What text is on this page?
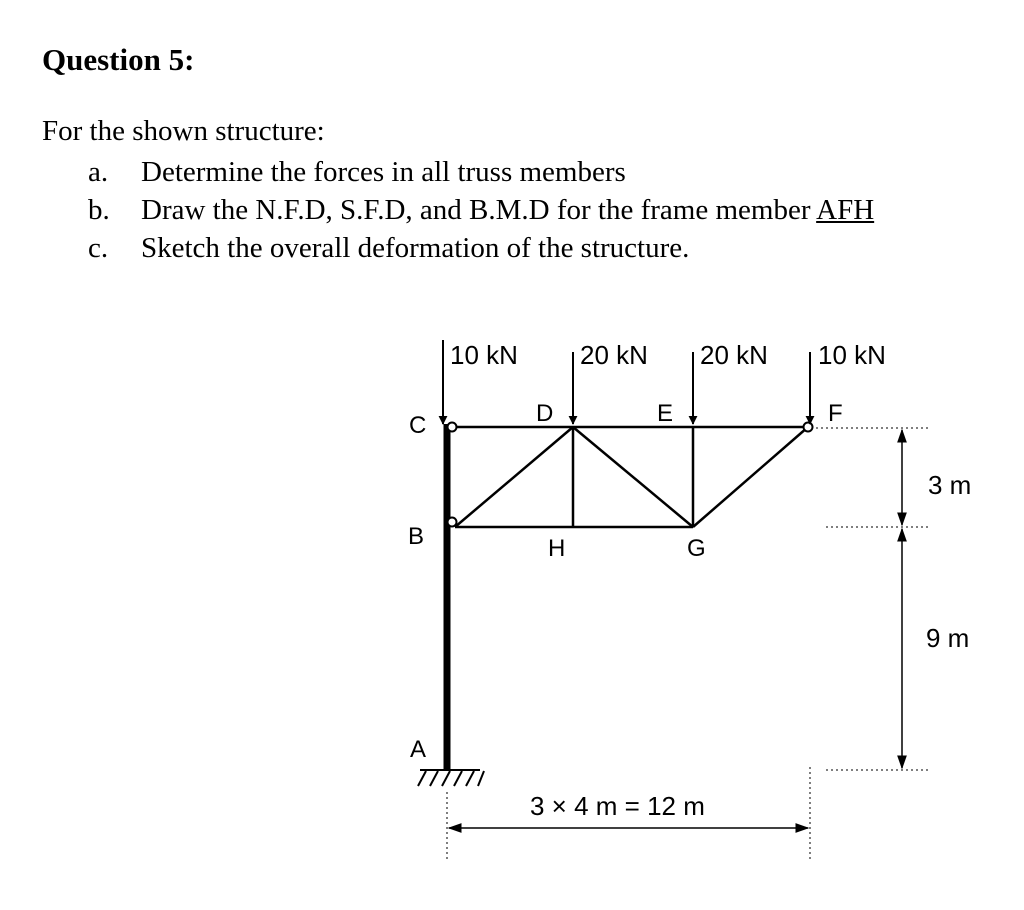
Question 5:
For the shown structure:
a. Determine the forces in all truss members
b. Draw the N.F.D, S.F.D, and B.M.D for the frame member AFH
c. Sketch the overall deformation of the structure.
10 kN 20 kN 20 kN 10 kN
C	D	E	F
B	H	G
A
3 m
9 m
3 × 4 m = 12 m
